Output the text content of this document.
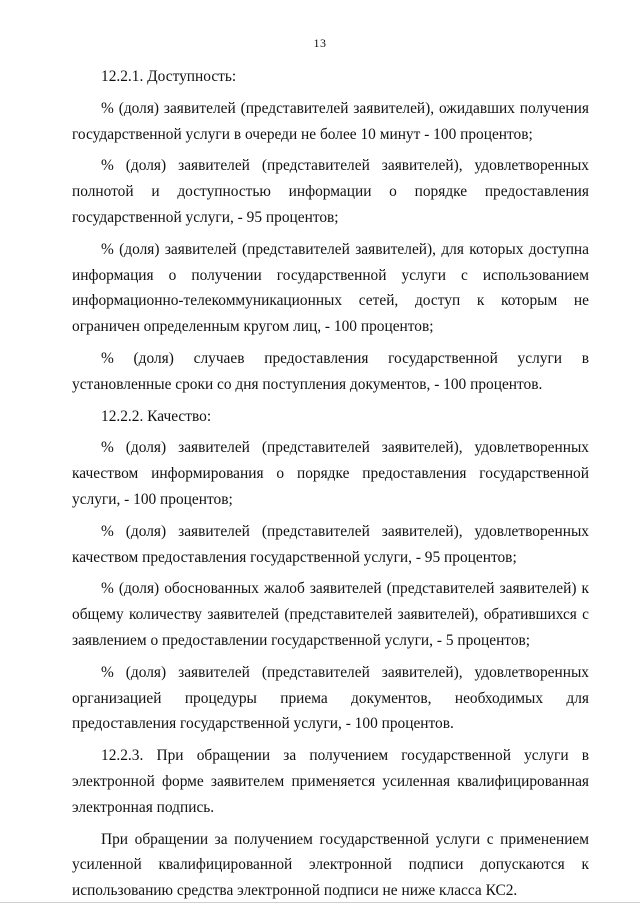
13

12.2.1. Доступность:

% (доля) заявителей (представителей заявителей), ожидавших получения государственной услуги в очереди не более 10 минут - 100 процентов;

% (доля) заявителей (представителей заявителей), удовлетворенных полнотой и доступностью информации о порядке предоставления государственной услуги, - 95 процентов;

% (доля) заявителей (представителей заявителей), для которых доступна информация о получении государственной услуги с использованием информационно-телекоммуникационных сетей, доступ к которым не ограничен определенным кругом лиц, - 100 процентов;

% (доля) случаев предоставления государственной услуги в установленные сроки со дня поступления документов, - 100 процентов.

12.2.2. Качество:

% (доля) заявителей (представителей заявителей), удовлетворенных качеством информирования о порядке предоставления государственной услуги, - 100 процентов;

% (доля) заявителей (представителей заявителей), удовлетворенных качеством предоставления государственной услуги, - 95 процентов;

% (доля) обоснованных жалоб заявителей (представителей заявителей) к общему количеству заявителей (представителей заявителей), обратившихся с заявлением о предоставлении государственной услуги, - 5 процентов;

% (доля) заявителей (представителей заявителей), удовлетворенных организацией процедуры приема документов, необходимых для предоставления государственной услуги, - 100 процентов.

12.2.3. При обращении за получением государственной услуги в электронной форме заявителем применяется усиленная квалифицированная электронная подпись.

При обращении за получением государственной услуги с применением усиленной квалифицированной электронной подписи допускаются к использованию средства электронной подписи не ниже класса КС2.
